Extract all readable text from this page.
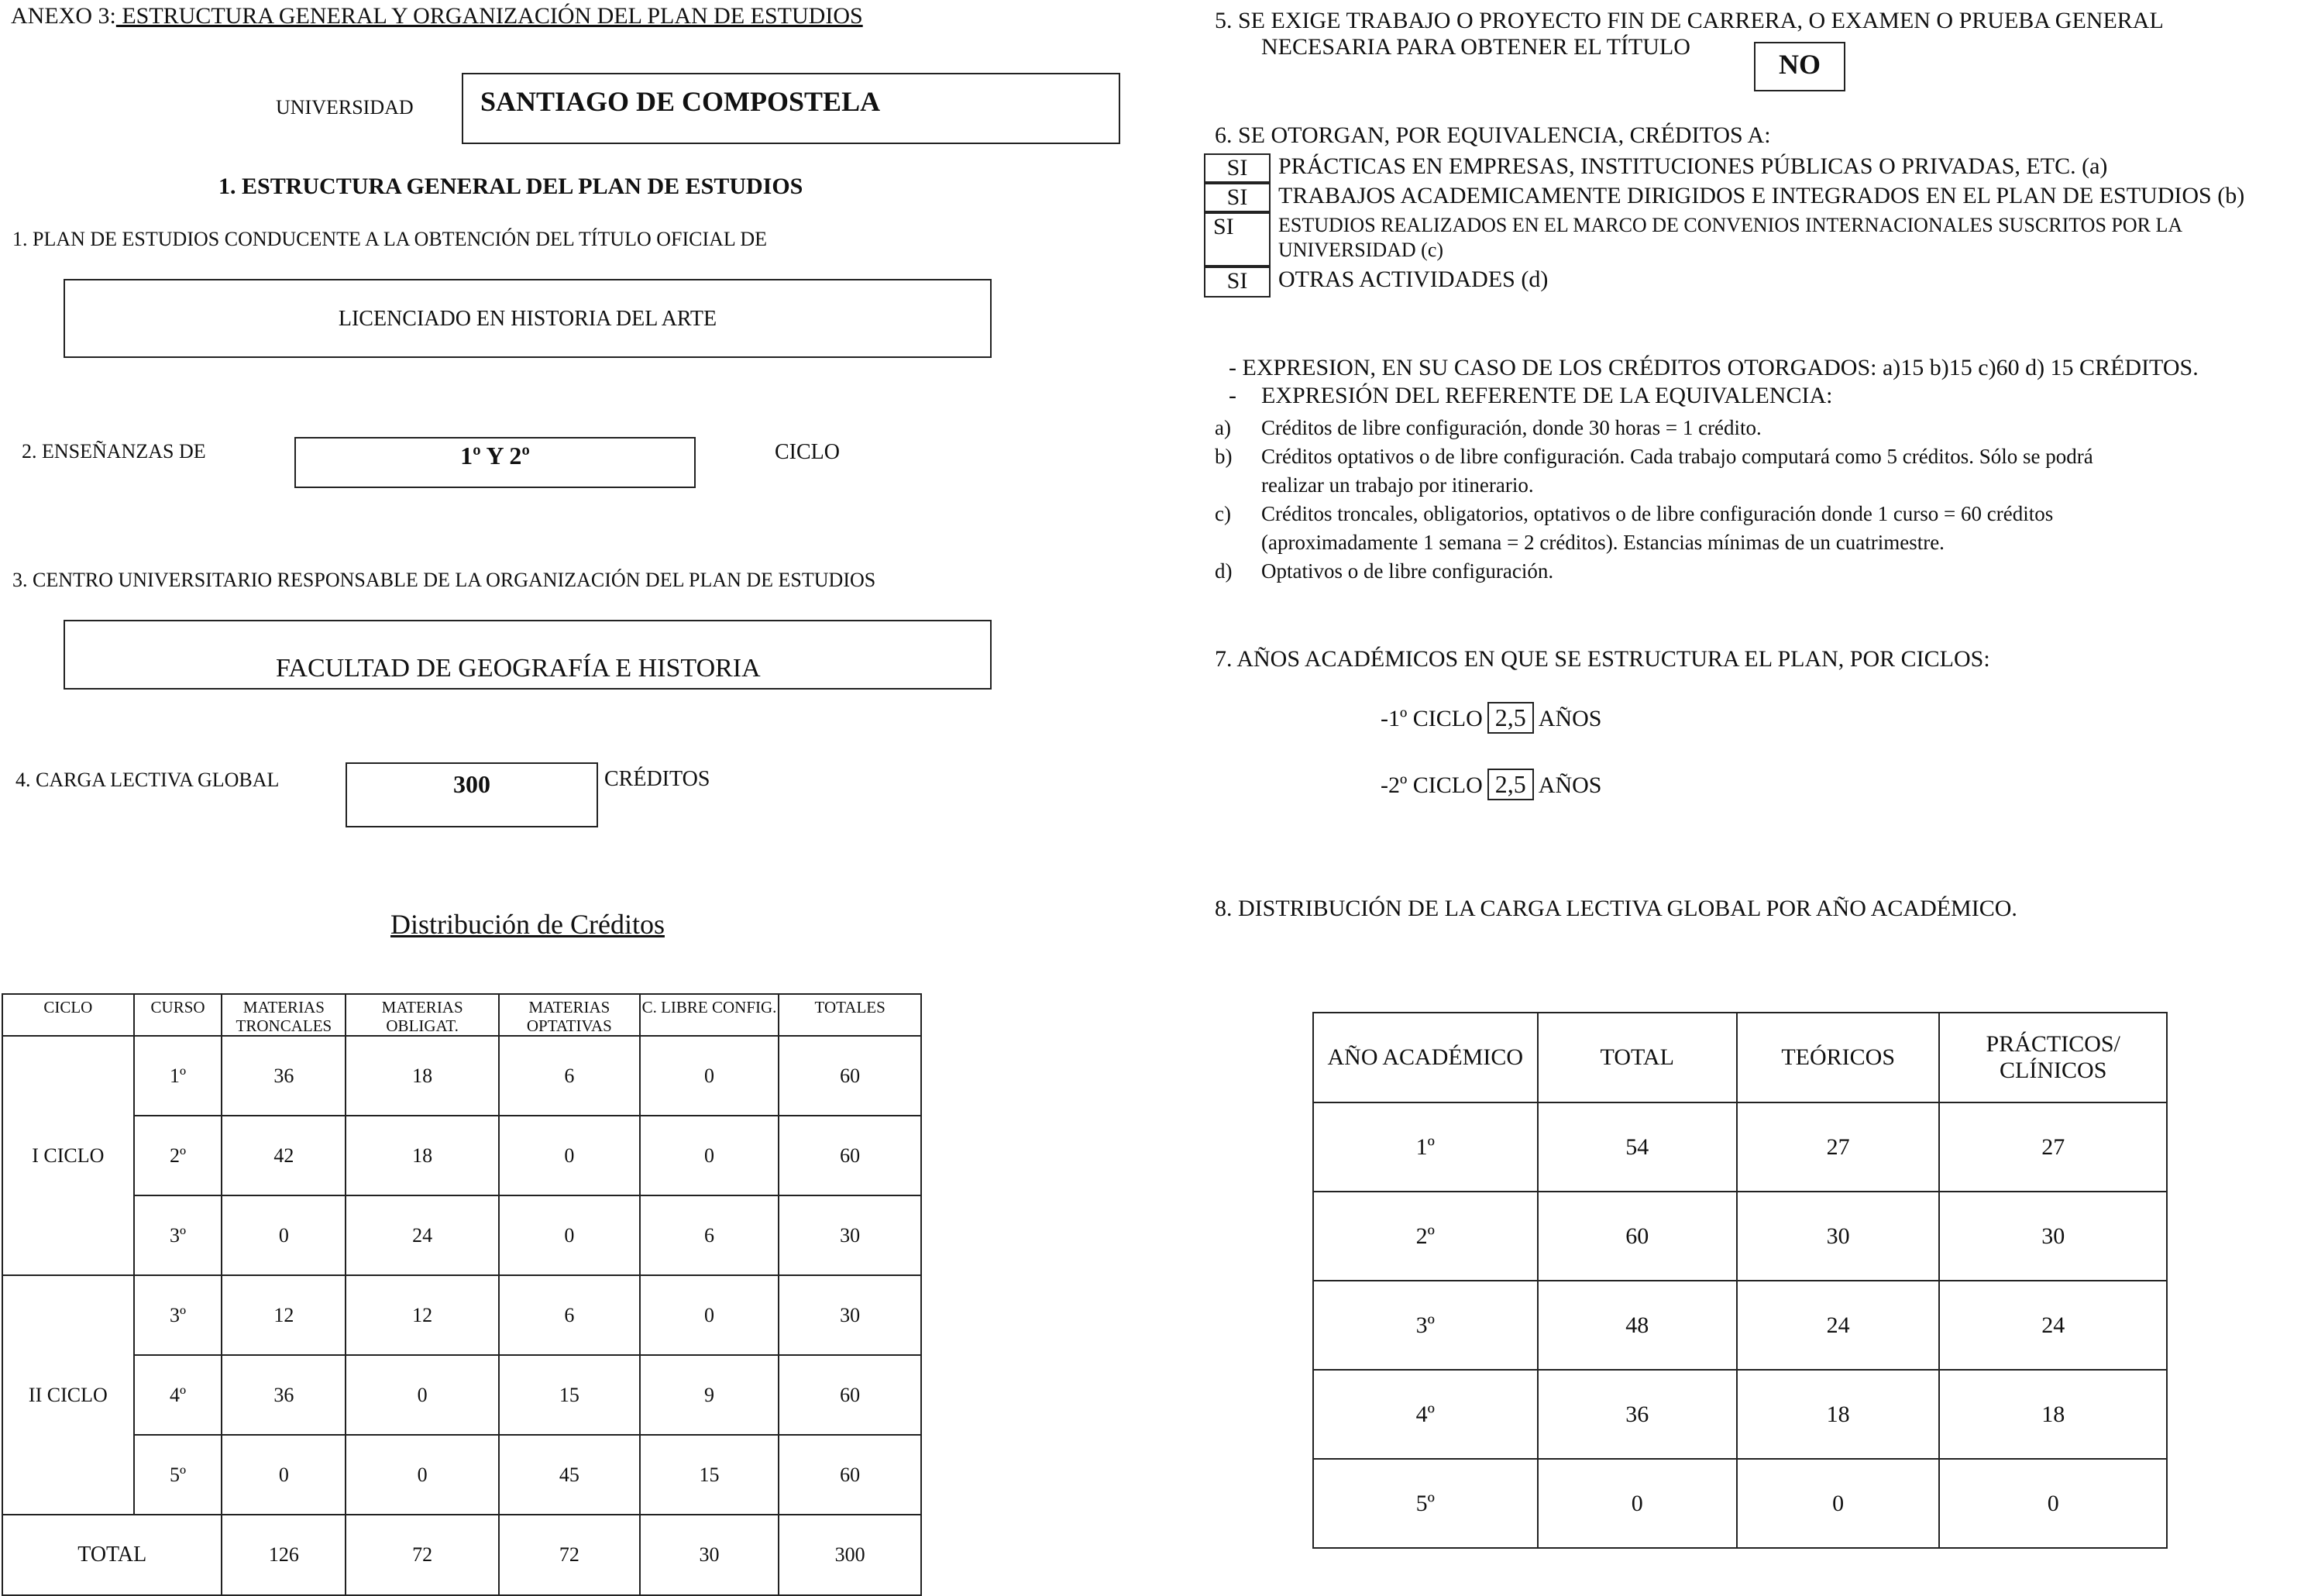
ANEXO 3: ESTRUCTURA GENERAL Y ORGANIZACIÓN DEL PLAN DE ESTUDIOS
UNIVERSIDAD SANTIAGO DE COMPOSTELA
1. ESTRUCTURA GENERAL DEL PLAN DE ESTUDIOS
1. PLAN DE ESTUDIOS CONDUCENTE A LA OBTENCIÓN DEL TÍTULO OFICIAL DE
LICENCIADO EN HISTORIA DEL ARTE
2. ENSEÑANZAS DE	1º Y 2º	CICLO
3. CENTRO UNIVERSITARIO RESPONSABLE DE LA ORGANIZACIÓN DEL PLAN DE ESTUDIOS
FACULTAD DE GEOGRAFÍA E HISTORIA
4. CARGA LECTIVA GLOBAL	300	CRÉDITOS
Distribución de Créditos
CICLO	CURSO	MATERIAS TRONCALES	MATERIAS OBLIGAT.	MATERIAS OPTATIVAS	C. LIBRE CONFIG.	TOTALES
I CICLO	1º	36	18	6	0	60
	2º	42	18	0	0	60
	3º	0	24	0	6	30
II CICLO	3º	12	12	6	0	30
	4º	36	0	15	9	60
	5º	0	0	45	15	60
TOTAL		126	72	72	30	300
5. SE EXIGE TRABAJO O PROYECTO FIN DE CARRERA, O EXAMEN O PRUEBA GENERAL
NECESARIA PARA OBTENER EL TÍTULO
NO
6. SE OTORGAN, POR EQUIVALENCIA, CRÉDITOS A:
SI	PRÁCTICAS EN EMPRESAS, INSTITUCIONES PÚBLICAS O PRIVADAS, ETC. (a)
SI	TRABAJOS ACADEMICAMENTE DIRIGIDOS E INTEGRADOS EN EL PLAN DE ESTUDIOS (b)
SI	ESTUDIOS REALIZADOS EN EL MARCO DE CONVENIOS INTERNACIONALES SUSCRITOS POR LA
UNIVERSIDAD (c)
SI	OTRAS ACTIVIDADES (d)
- EXPRESION, EN SU CASO DE LOS CRÉDITOS OTORGADOS: a)15 b)15 c)60 d) 15 CRÉDITOS.
- EXPRESIÓN DEL REFERENTE DE LA EQUIVALENCIA:
a)	Créditos de libre configuración, donde 30 horas = 1 crédito.
b)	Créditos optativos o de libre configuración. Cada trabajo computará como 5 créditos. Sólo se podrá
realizar un trabajo por itinerario.
c)	Créditos troncales, obligatorios, optativos o de libre configuración donde 1 curso = 60 créditos
(aproximadamente 1 semana = 2 créditos). Estancias mínimas de un cuatrimestre.
d)	Optativos o de libre configuración.
7. AÑOS ACADÉMICOS EN QUE SE ESTRUCTURA EL PLAN, POR CICLOS:
-1º CICLO 2,5 AÑOS
-2º CICLO 2,5 AÑOS
8. DISTRIBUCIÓN DE LA CARGA LECTIVA GLOBAL POR AÑO ACADÉMICO.
AÑO ACADÉMICO	TOTAL	TEÓRICOS	PRÁCTICOS/ CLÍNICOS
1º	54	27	27
2º	60	30	30
3º	48	24	24
4º	36	18	18
5º	0	0	0
